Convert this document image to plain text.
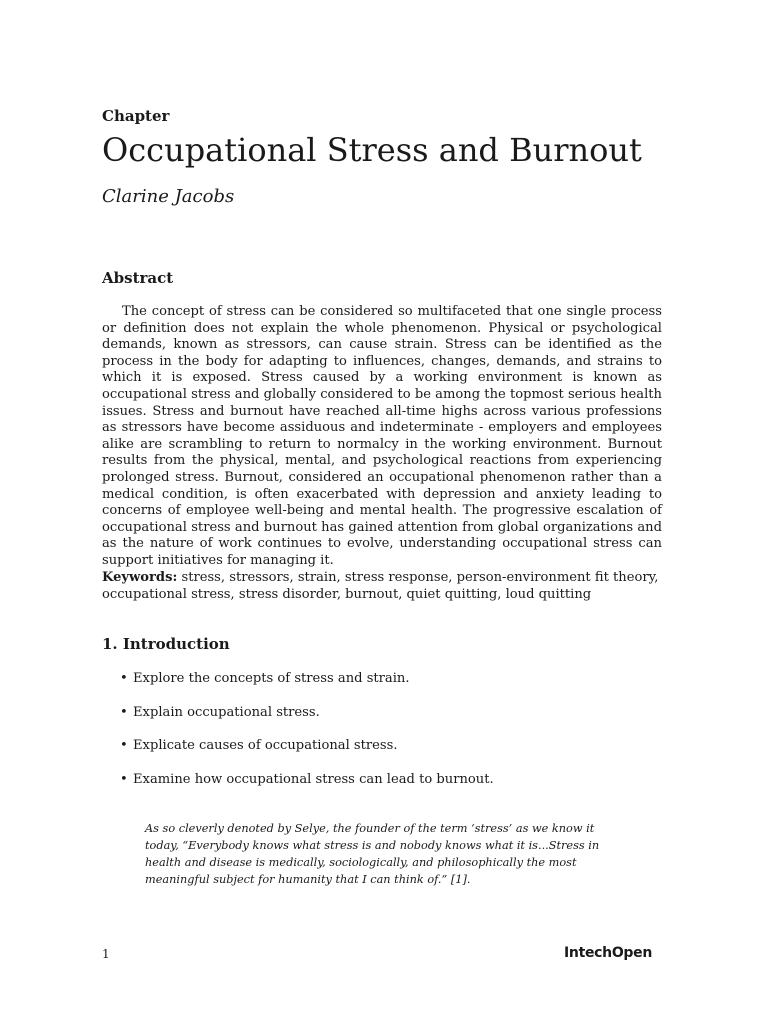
Chapter
Occupational Stress and Burnout
Clarine Jacobs
Abstract

The concept of stress can be considered so multifaceted that one single process or definition does not explain the whole phenomenon. Physical or psychological demands, known as stressors, can cause strain. Stress can be identified as the process in the body for adapting to influences, changes, demands, and strains to which it is exposed. Stress caused by a working environment is known as occupational stress and globally considered to be among the topmost serious health issues. Stress and burnout have reached all-time highs across various professions as stressors have become assiduous and indeterminate - employers and employees alike are scrambling to return to normalcy in the working environment. Burnout results from the physical, mental, and psychological reactions from experiencing prolonged stress. Burnout, considered an occupational phenomenon rather than a medical condition, is often exacerbated with depression and anxiety leading to concerns of employee well-being and mental health. The progressive escalation of occupational stress and burnout has gained attention from global organizations and as the nature of work continues to evolve, understanding occupational stress can support initiatives for managing it.

Keywords: stress, stressors, strain, stress response, person-environment fit theory, occupational stress, stress disorder, burnout, quiet quitting, loud quitting

1. Introduction
• Explore the concepts of stress and strain.
• Explain occupational stress.
• Explicate causes of occupational stress.
• Examine how occupational stress can lead to burnout.

As so cleverly denoted by Selye, the founder of the term ‘stress’ as we know it today, “Everybody knows what stress is and nobody knows what it is...Stress in health and disease is medically, sociologically, and philosophically the most meaningful subject for humanity that I can think of.” [1].

1	IntechOpen
